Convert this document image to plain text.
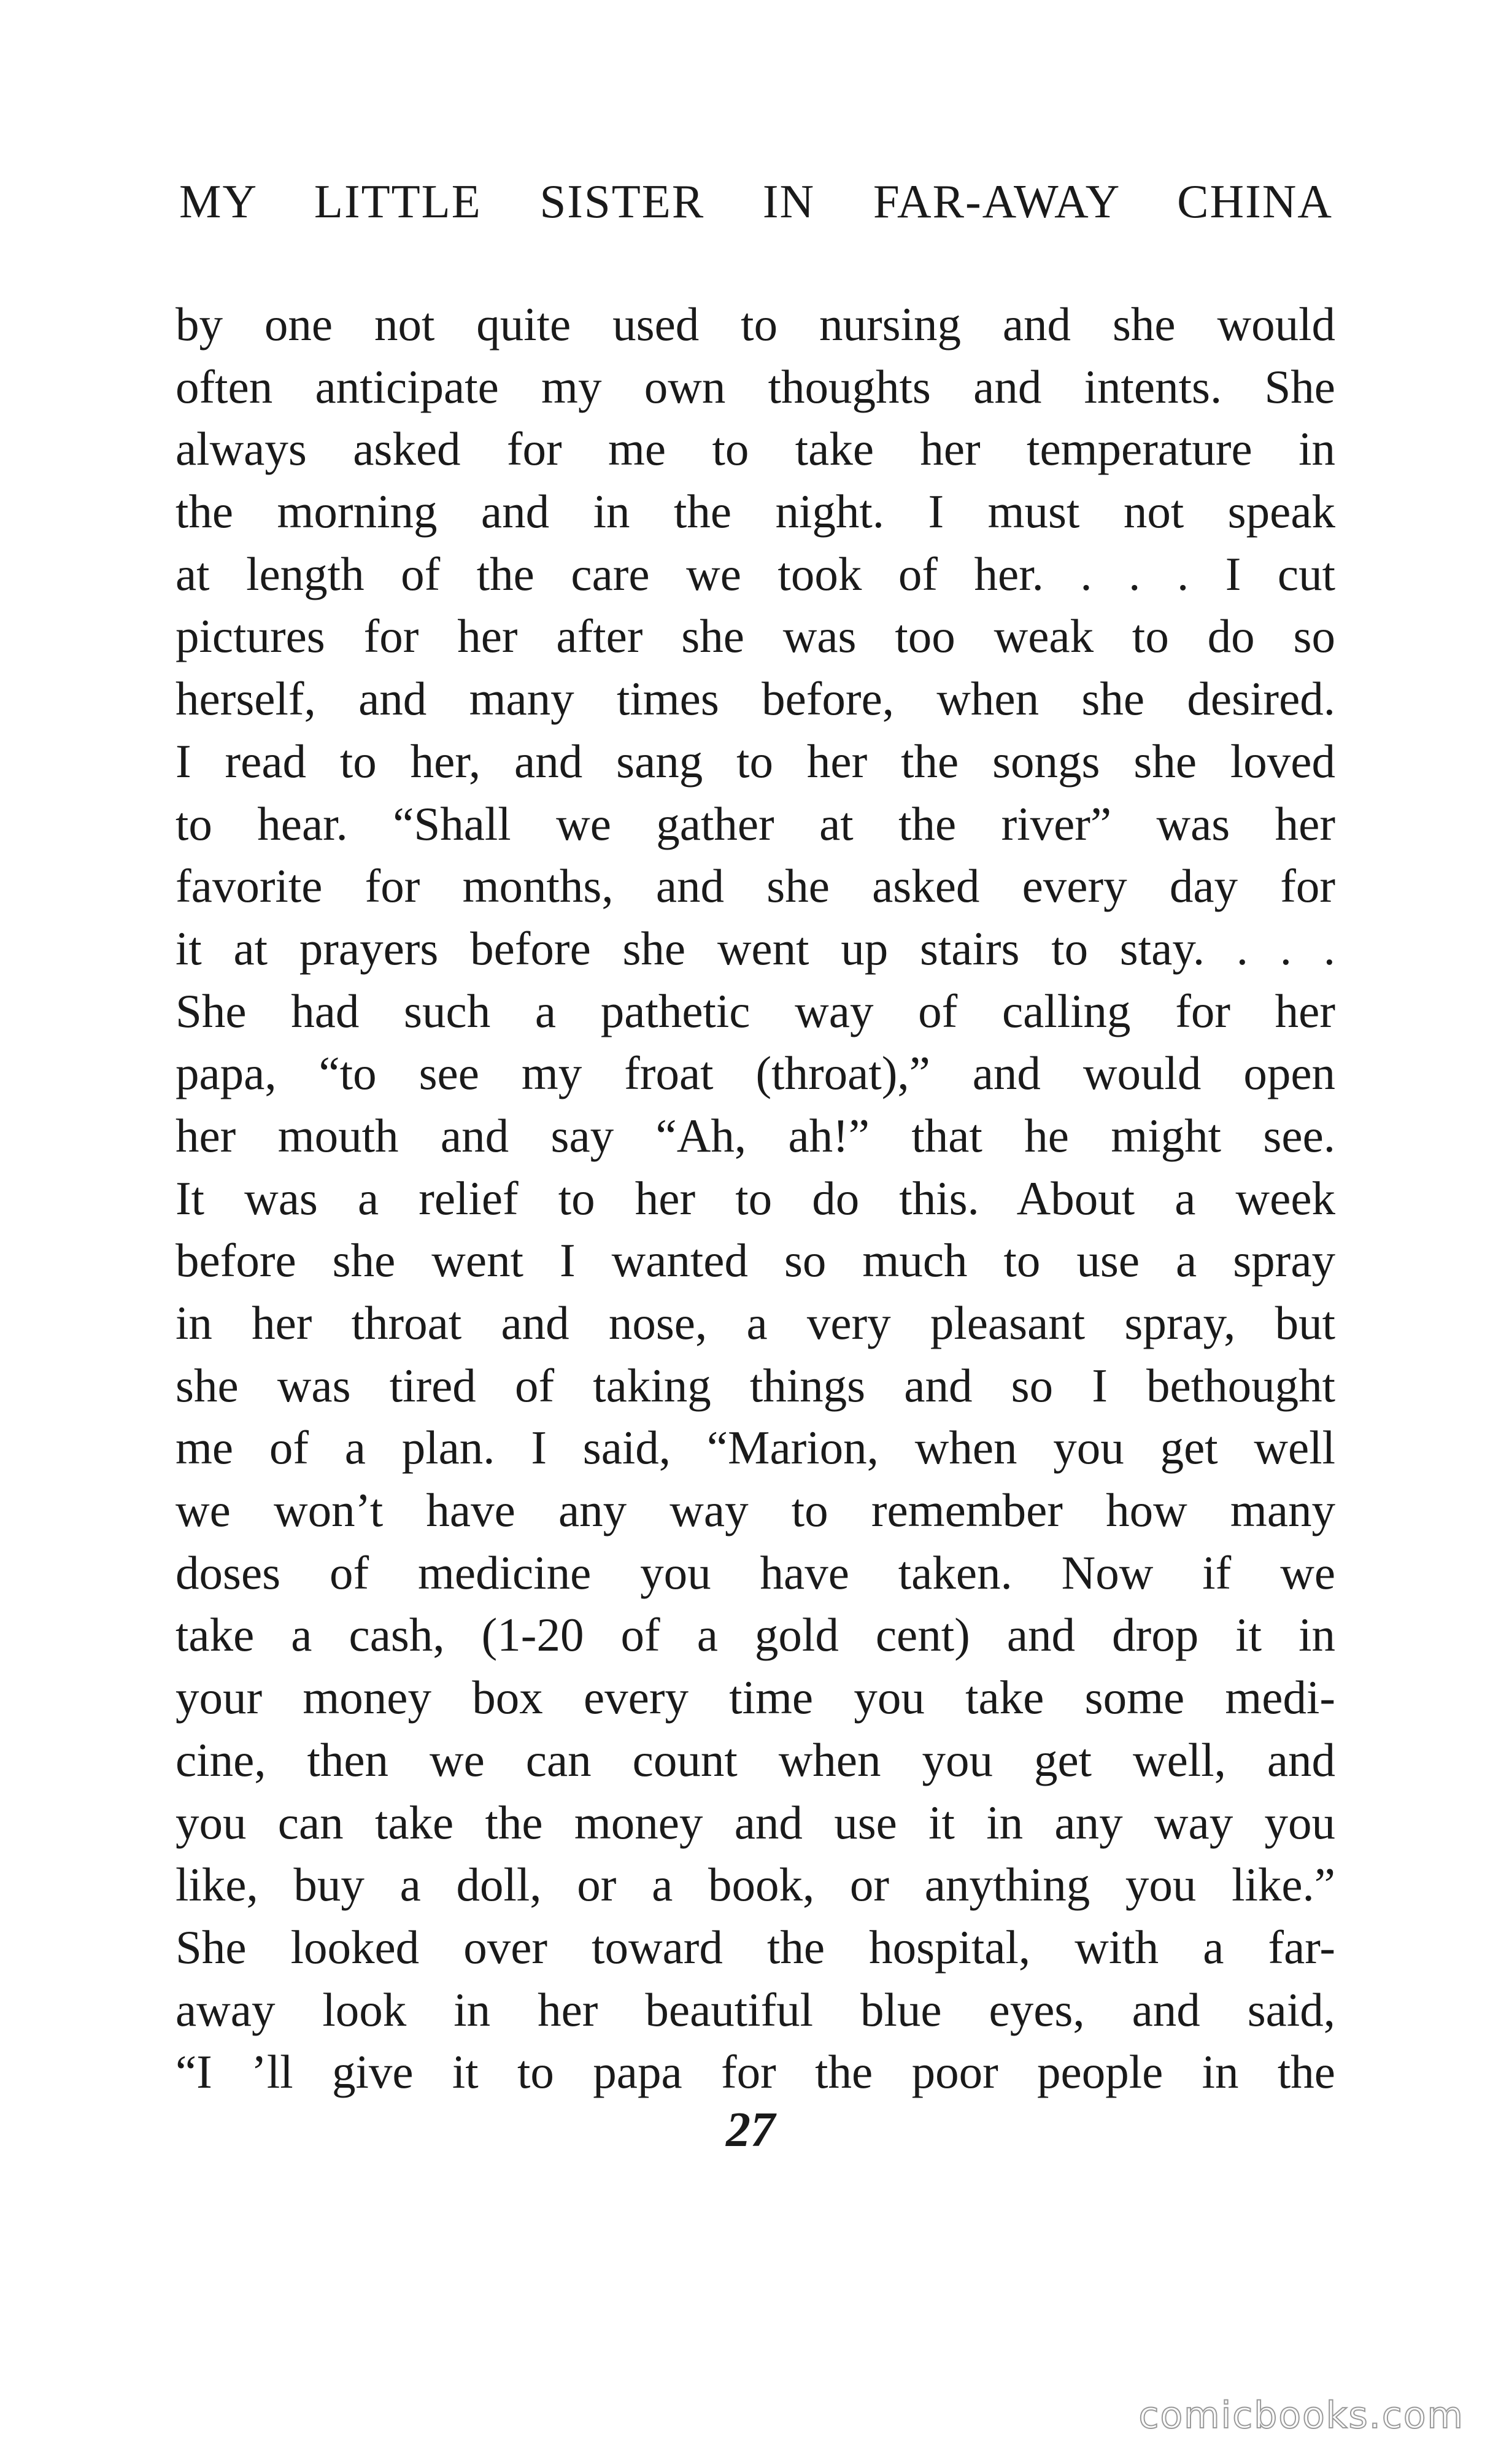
MY LITTLE SISTER IN FAR-AWAY CHINA
by one not quite used to nursing and she would
often anticipate my own thoughts and intents. She
always asked for me to take her temperature in
the morning and in the night. I must not speak
at length of the care we took of her. . . . I cut
pictures for her after she was too weak to do so
herself, and many times before, when she desired.
I read to her, and sang to her the songs she loved
to hear. “Shall we gather at the river” was her
favorite for months, and she asked every day for
it at prayers before she went up stairs to stay. . . .
She had such a pathetic way of calling for her
papa, “to see my froat (throat),” and would open
her mouth and say “Ah, ah!” that he might see.
It was a relief to her to do this. About a week
before she went I wanted so much to use a spray
in her throat and nose, a very pleasant spray, but
she was tired of taking things and so I bethought
me of a plan. I said, “Marion, when you get well
we won’t have any way to remember how many
doses of medicine you have taken. Now if we
take a cash, (1-20 of a gold cent) and drop it in
your money box every time you take some medi-
cine, then we can count when you get well, and
you can take the money and use it in any way you
like, buy a doll, or a book, or anything you like.”
She looked over toward the hospital, with a far-
away look in her beautiful blue eyes, and said,
“I ’ll give it to papa for the poor people in the
27
comicbooks.com
